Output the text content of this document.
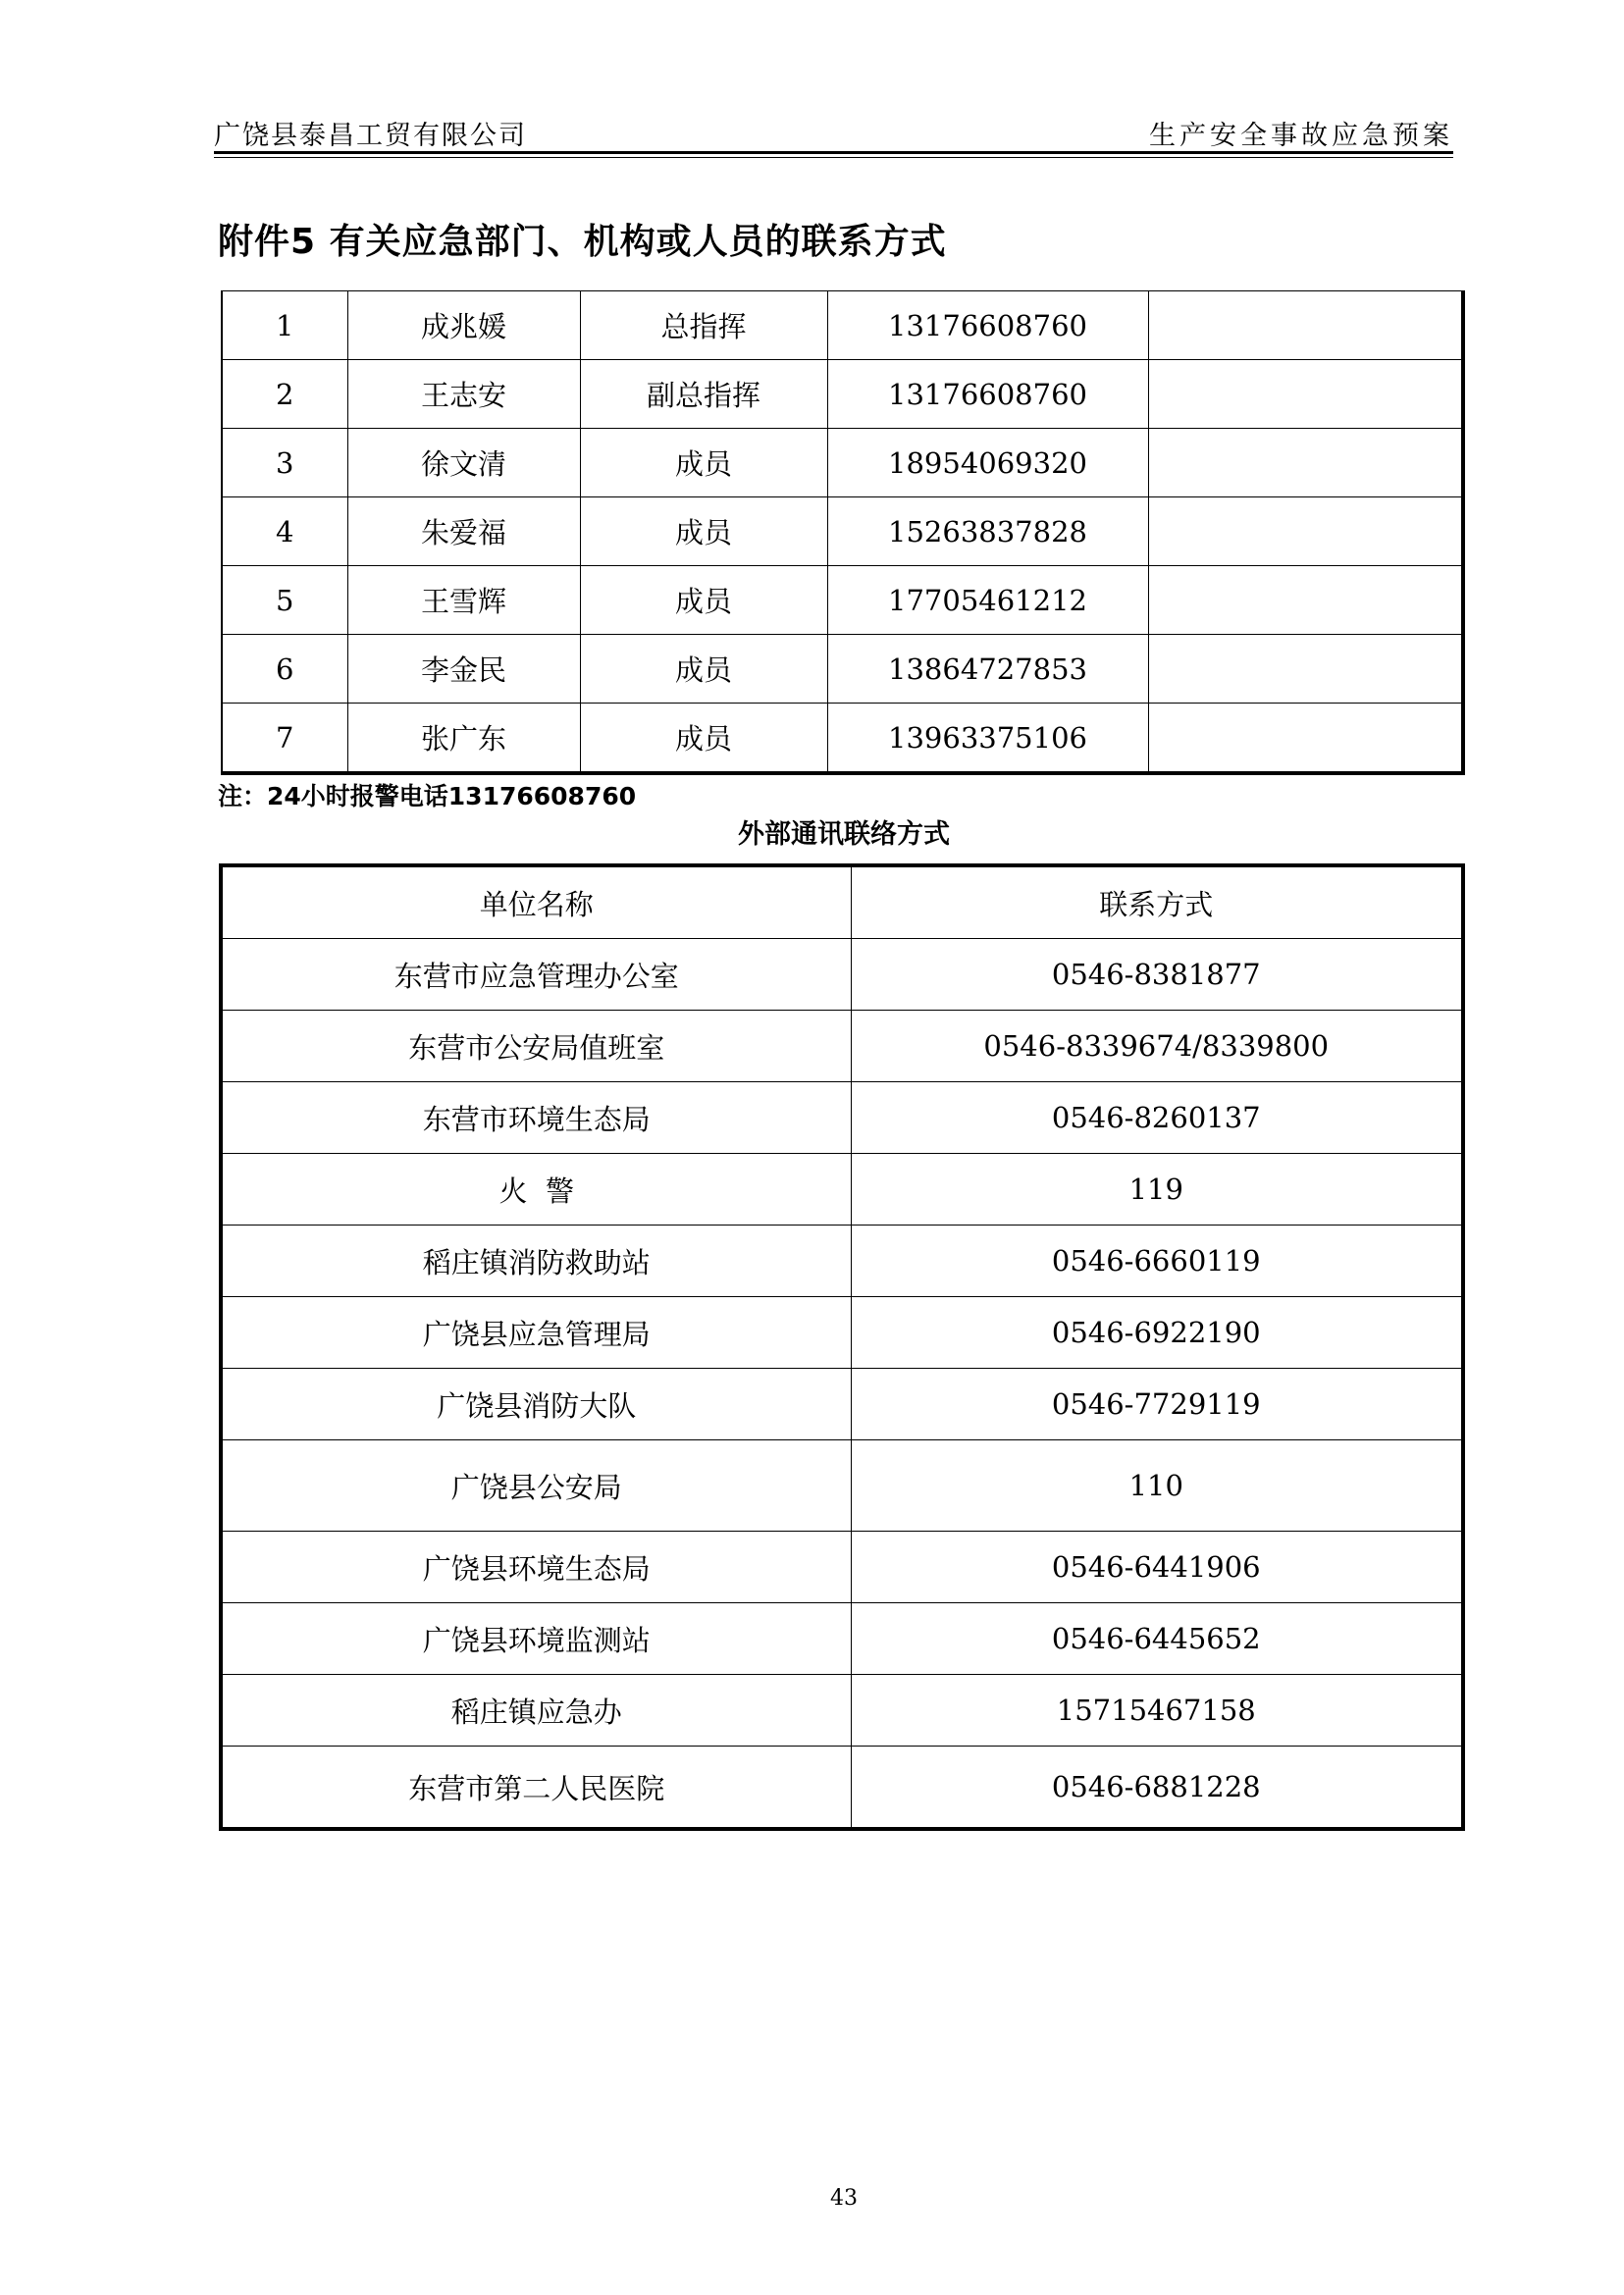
广饶县泰昌工贸有限公司	生产安全事故应急预案
附件5 有关应急部门、机构或人员的联系方式
1	成兆媛	总指挥	13176608760	
2	王志安	副总指挥	13176608760	
3	徐文清	成员	18954069320	
4	朱爱福	成员	15263837828	
5	王雪辉	成员	17705461212	
6	李金民	成员	13864727853	
7	张广东	成员	13963375106	
注：24小时报警电话13176608760
外部通讯联络方式
单位名称	联系方式
东营市应急管理办公室	0546-8381877
东营市公安局值班室	0546-8339674/8339800
东营市环境生态局	0546-8260137
火  警	119
稻庄镇消防救助站	0546-6660119
广饶县应急管理局	0546-6922190
广饶县消防大队	0546-7729119
广饶县公安局	110
广饶县环境生态局	0546-6441906
广饶县环境监测站	0546-6445652
稻庄镇应急办	15715467158
东营市第二人民医院	0546-6881228
43
